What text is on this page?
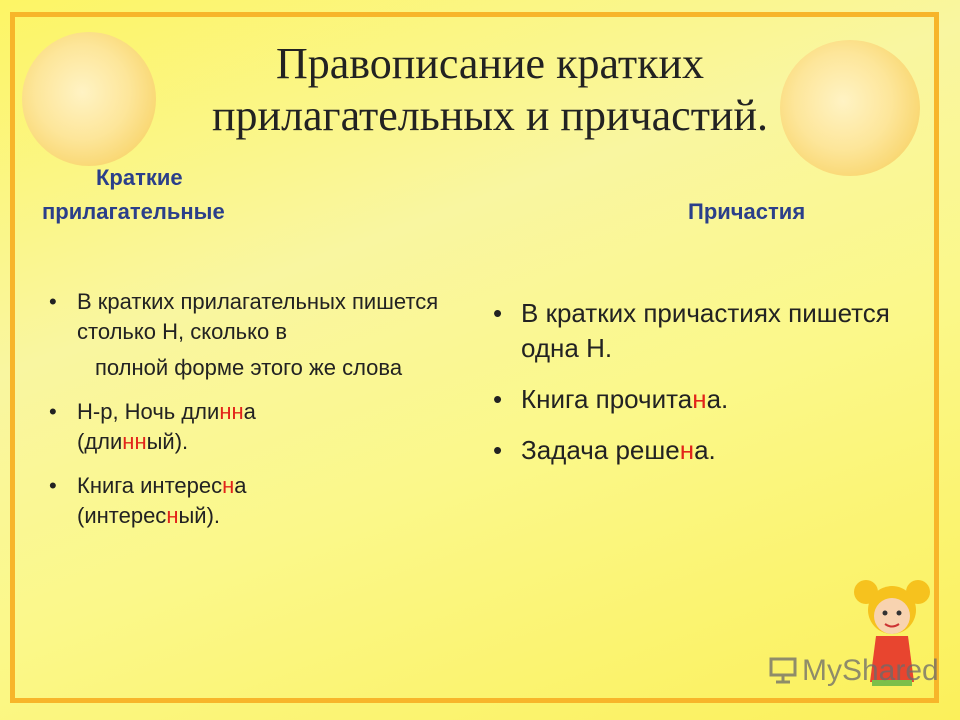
Правописание кратких
прилагательных и причастий.
Краткие
прилагательные	Причастия
• В кратких прилагательных пишется столько Н, сколько в
полной форме этого же слова
• Н-р, Ночь длинна
(длинный).
• Книга интересна
(интересный).
• В кратких причастиях пишется одна Н.
• Книга прочитана.
• Задача решена.
MyShared
